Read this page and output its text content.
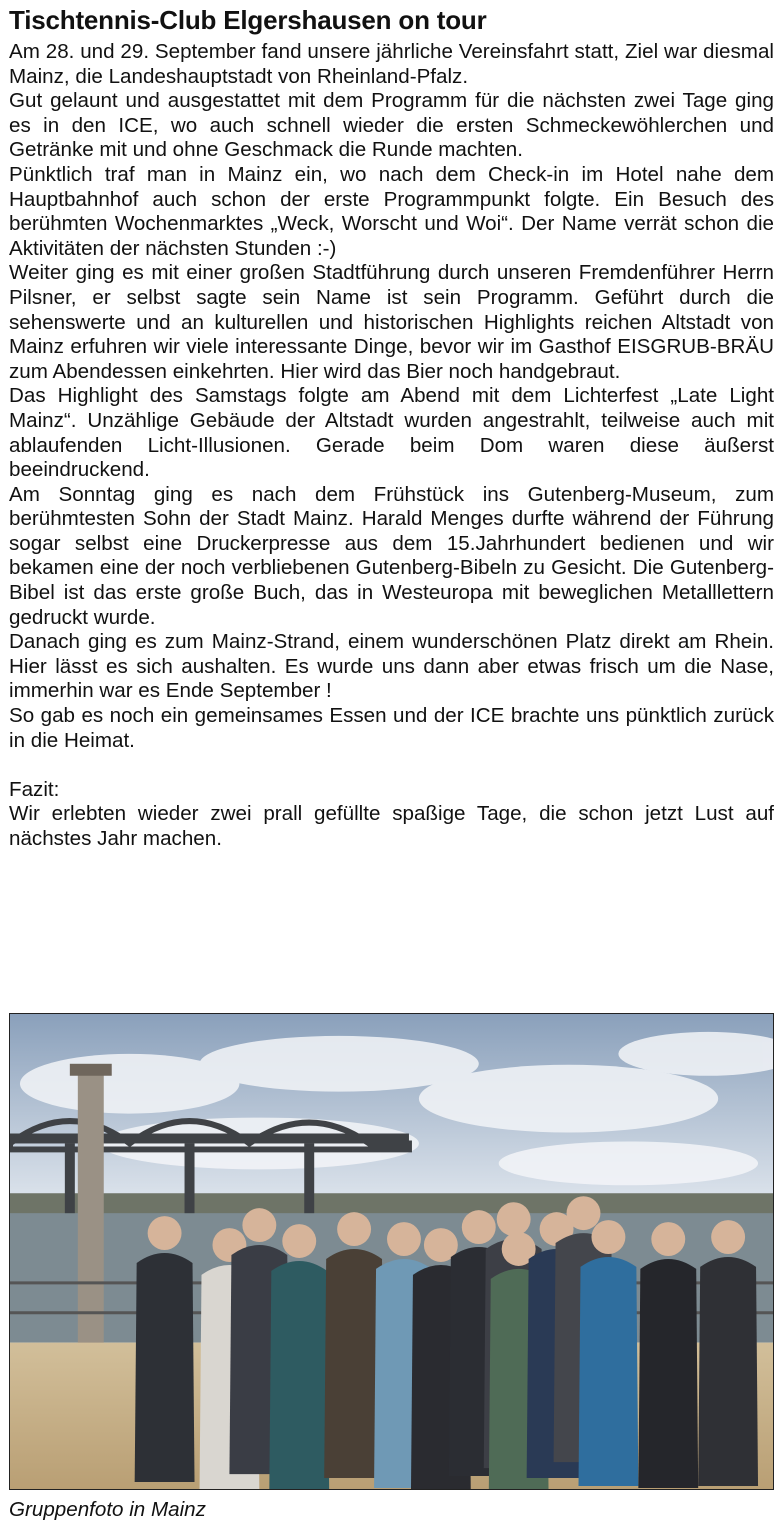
Tischtennis-Club Elgershausen on tour

Am 28. und 29. September fand unsere jährliche Vereinsfahrt statt, Ziel war diesmal Mainz, die Landeshauptstadt von Rheinland-Pfalz.

Gut gelaunt und ausgestattet mit dem Programm für die nächsten zwei Tage ging es in den ICE, wo auch schnell wieder die ersten Schmeckewöhlerchen und Getränke mit und ohne Geschmack die Runde machten.

Pünktlich traf man in Mainz ein, wo nach dem Check-in im Hotel nahe dem Hauptbahnhof auch schon der erste Programmpunkt folgte. Ein Besuch des berühmten Wochenmarktes „Weck, Worscht und Woi“. Der Name verrät schon die Aktivitäten der nächsten Stunden :-)

Weiter ging es mit einer großen Stadtführung durch unseren Fremdenführer Herrn Pilsner, er selbst sagte sein Name ist sein Programm. Geführt durch die sehenswerte und an kulturellen und historischen Highlights reichen Altstadt von Mainz erfuhren wir viele interessante Dinge, bevor wir im Gasthof EISGRUB-BRÄU zum Abendessen einkehrten. Hier wird das Bier noch handgebraut.

Das Highlight des Samstags folgte am Abend mit dem Lichterfest „Late Light Mainz“. Unzählige Gebäude der Altstadt wurden angestrahlt, teilweise auch mit ablaufenden Licht-Illusionen. Gerade beim Dom waren diese äußerst beeindruckend.

Am Sonntag ging es nach dem Frühstück ins Gutenberg-Museum, zum berühmtesten Sohn der Stadt Mainz. Harald Menges durfte während der Führung sogar selbst eine Druckerpresse aus dem 15.Jahrhundert bedienen und wir bekamen eine der noch verbliebenen Gutenberg-Bibeln zu Gesicht. Die Gutenberg-Bibel ist das erste große Buch, das in Westeuropa mit beweglichen Metalllettern gedruckt wurde.

Danach ging es zum Mainz-Strand, einem wunderschönen Platz direkt am Rhein. Hier lässt es sich aushalten. Es wurde uns dann aber etwas frisch um die Nase, immerhin war es Ende September !

So gab es noch ein gemeinsames Essen und der ICE brachte uns pünktlich zurück in die Heimat.

Fazit:

Wir erlebten wieder zwei prall gefüllte spaßige Tage, die schon jetzt Lust auf nächstes Jahr machen.

Gruppenfoto in Mainz
